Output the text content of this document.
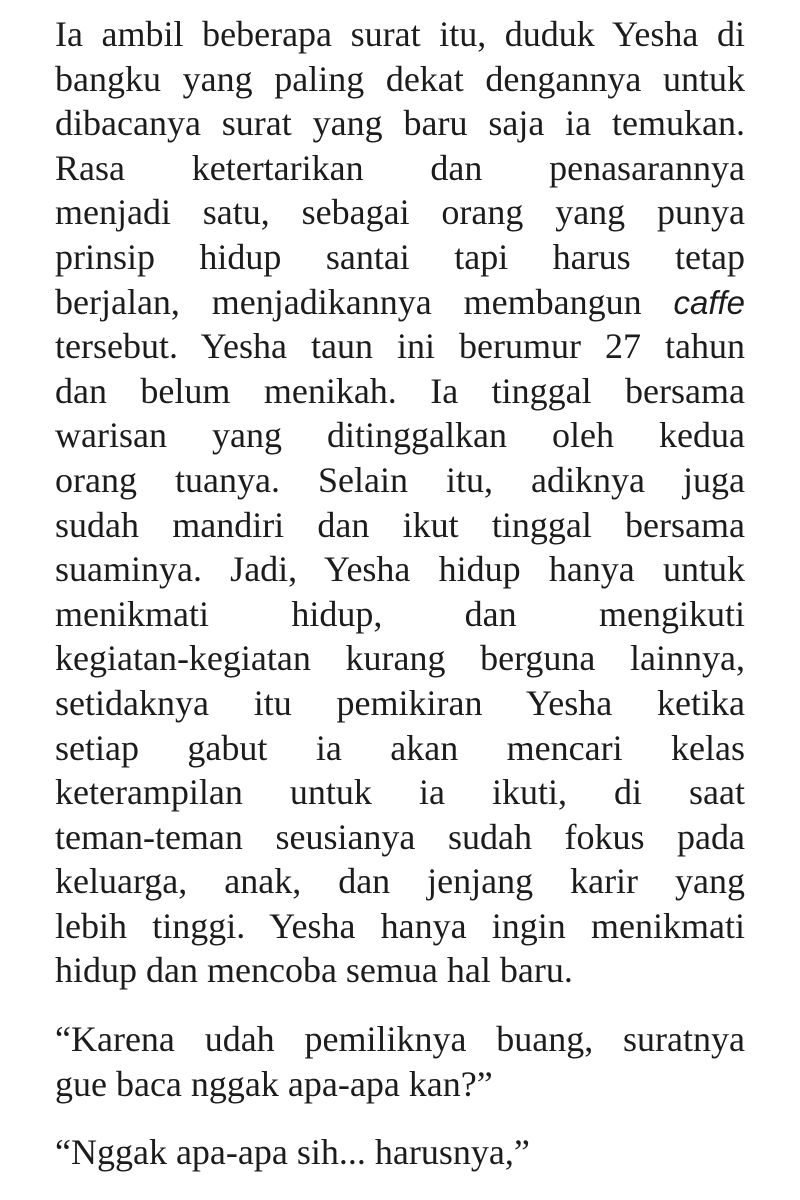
Ia ambil beberapa surat itu, duduk Yesha di
bangku yang paling dekat dengannya untuk
dibacanya surat yang baru saja ia temukan.
Rasa ketertarikan dan penasarannya
menjadi satu, sebagai orang yang punya
prinsip hidup santai tapi harus tetap
berjalan, menjadikannya membangun caffe
tersebut. Yesha taun ini berumur 27 tahun
dan belum menikah. Ia tinggal bersama
warisan yang ditinggalkan oleh kedua
orang tuanya. Selain itu, adiknya juga
sudah mandiri dan ikut tinggal bersama
suaminya. Jadi, Yesha hidup hanya untuk
menikmati hidup, dan mengikuti
kegiatan-kegiatan kurang berguna lainnya,
setidaknya itu pemikiran Yesha ketika
setiap gabut ia akan mencari kelas
keterampilan untuk ia ikuti, di saat
teman-teman seusianya sudah fokus pada
keluarga, anak, dan jenjang karir yang
lebih tinggi. Yesha hanya ingin menikmati
hidup dan mencoba semua hal baru.
“Karena udah pemiliknya buang, suratnya
gue baca nggak apa-apa kan?”
“Nggak apa-apa sih... harusnya,”
